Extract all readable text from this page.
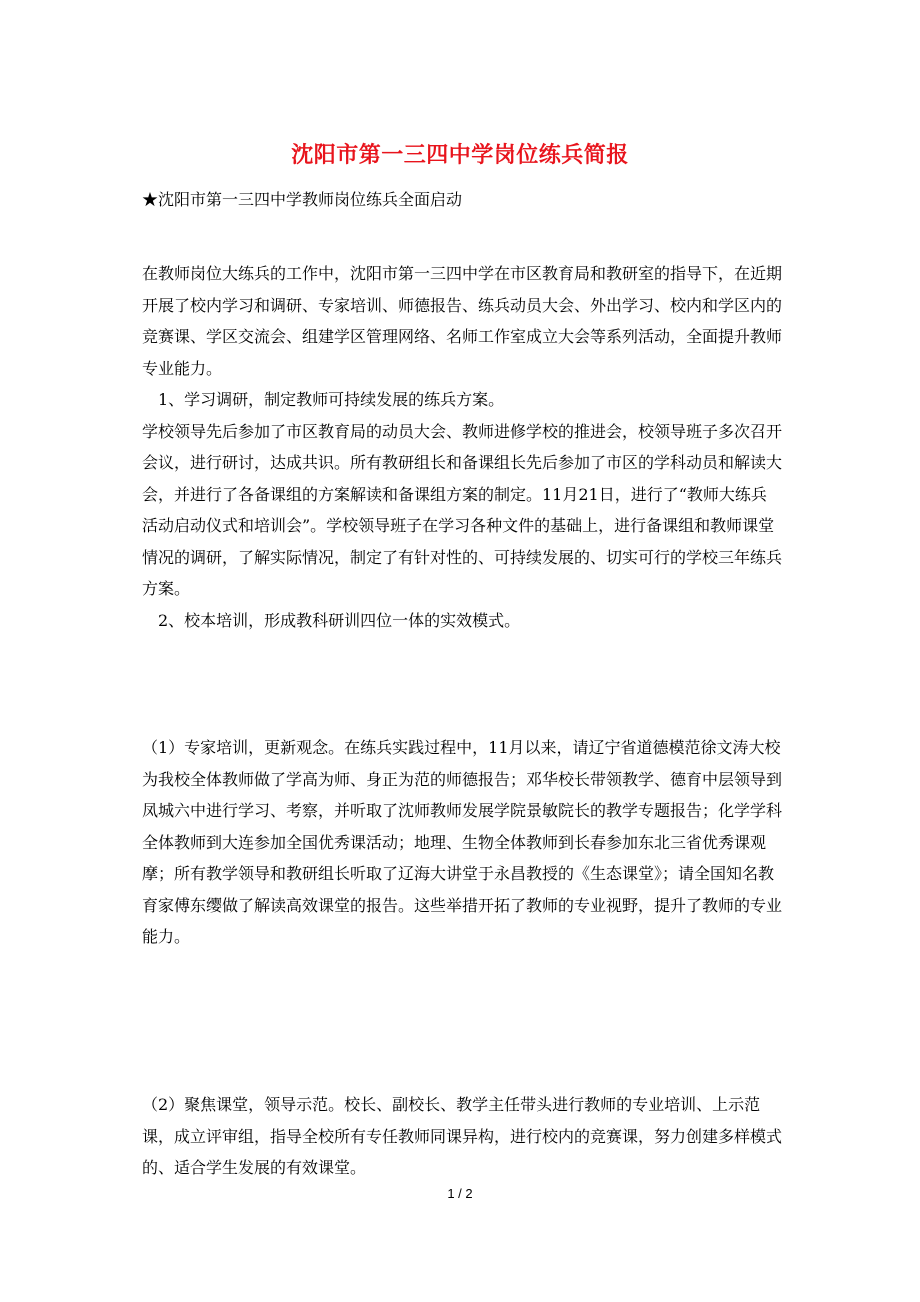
沈阳市第一三四中学岗位练兵简报
★沈阳市第一三四中学教师岗位练兵全面启动

在教师岗位大练兵的工作中，沈阳市第一三四中学在市区教育局和教研室的指导下，在近期开展了校内学习和调研、专家培训、师德报告、练兵动员大会、外出学习、校内和学区内的竞赛课、学区交流会、组建学区管理网络、名师工作室成立大会等系列活动，全面提升教师专业能力。

1、学习调研，制定教师可持续发展的练兵方案。

学校领导先后参加了市区教育局的动员大会、教师进修学校的推进会，校领导班子多次召开会议，进行研讨，达成共识。所有教研组长和备课组长先后参加了市区的学科动员和解读大会，并进行了各备课组的方案解读和备课组方案的制定。11月21日，进行了“教师大练兵活动启动仪式和培训会”。学校领导班子在学习各种文件的基础上，进行备课组和教师课堂情况的调研，了解实际情况，制定了有针对性的、可持续发展的、切实可行的学校三年练兵方案。

2、校本培训，形成教科研训四位一体的实效模式。

（1）专家培训，更新观念。在练兵实践过程中，11月以来，请辽宁省道德模范徐文涛大校为我校全体教师做了学高为师、身正为范的师德报告；邓华校长带领教学、德育中层领导到凤城六中进行学习、考察，并听取了沈师教师发展学院景敏院长的教学专题报告；化学学科全体教师到大连参加全国优秀课活动；地理、生物全体教师到长春参加东北三省优秀课观摩；所有教学领导和教研组长听取了辽海大讲堂于永昌教授的《生态课堂》；请全国知名教育家傅东缨做了解读高效课堂的报告。这些举措开拓了教师的专业视野，提升了教师的专业能力。

（2）聚焦课堂，领导示范。校长、副校长、教学主任带头进行教师的专业培训、上示范课，成立评审组，指导全校所有专任教师同课异构，进行校内的竞赛课，努力创建多样模式的、适合学生发展的有效课堂。

1 / 2
